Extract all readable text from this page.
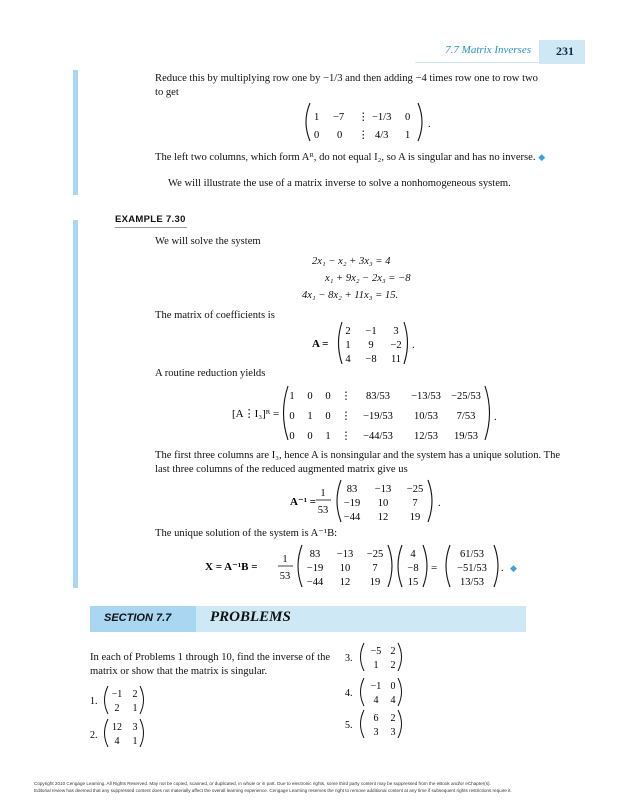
7.7 Matrix Inverses 231
Reduce this by multiplying row one by −1/3 and then adding −4 times row one to row two
to get
1 −7 ⋮ −1/3 0
0 0 ⋮ 4/3 1
.
The left two columns, which form Aᴿ, do not equal I₂, so A is singular and has no inverse. ◆
We will illustrate the use of a matrix inverse to solve a nonhomogeneous system.
EXAMPLE 7.30
We will solve the system
2x₁ − x₂ + 3x₃ = 4
x₁ + 9x₂ − 2x₃ = −8
4x₁ − 8x₂ + 11x₃ = 15.
The matrix of coefficients is
A =
2 −1 3
1 9 −2
4 −8 11
.
A routine reduction yields
[A⋮I₃]ᴿ =
1 0 0 ⋮ 83/53 −13/53 −25/53
0 1 0 ⋮ −19/53 10/53 7/53
0 0 1 ⋮ −44/53 12/53 19/53
.
The first three columns are I₃, hence A is nonsingular and the system has a unique solution. The
last three columns of the reduced augmented matrix give us
A⁻¹ =
1
53
83 −13 −25
−19 10 7
−44 12 19
.
The unique solution of the system is A⁻¹B:
X = A⁻¹B =
1
53
83 −13 −25
−19 10 7
−44 12 19
4
−8
15
=
61/53
−51/53
13/53
. ◆
SECTION 7.7	PROBLEMS
In each of Problems 1 through 10, find the inverse of the
matrix or show that the matrix is singular.
1.
−1 2
2 1
2.
12 3
4 1
3.
−5 2
1 2
4.
−1 0
4 4
5.
6 2
3 3
Copyright 2010 Cengage Learning. All Rights Reserved. May not be copied, scanned, or duplicated, in whole or in part. Due to electronic rights, some third party content may be suppressed from the eBook and/or eChapter(s).
Editorial review has deemed that any suppressed content does not materially affect the overall learning experience. Cengage Learning reserves the right to remove additional content at any time if subsequent rights restrictions require it.
